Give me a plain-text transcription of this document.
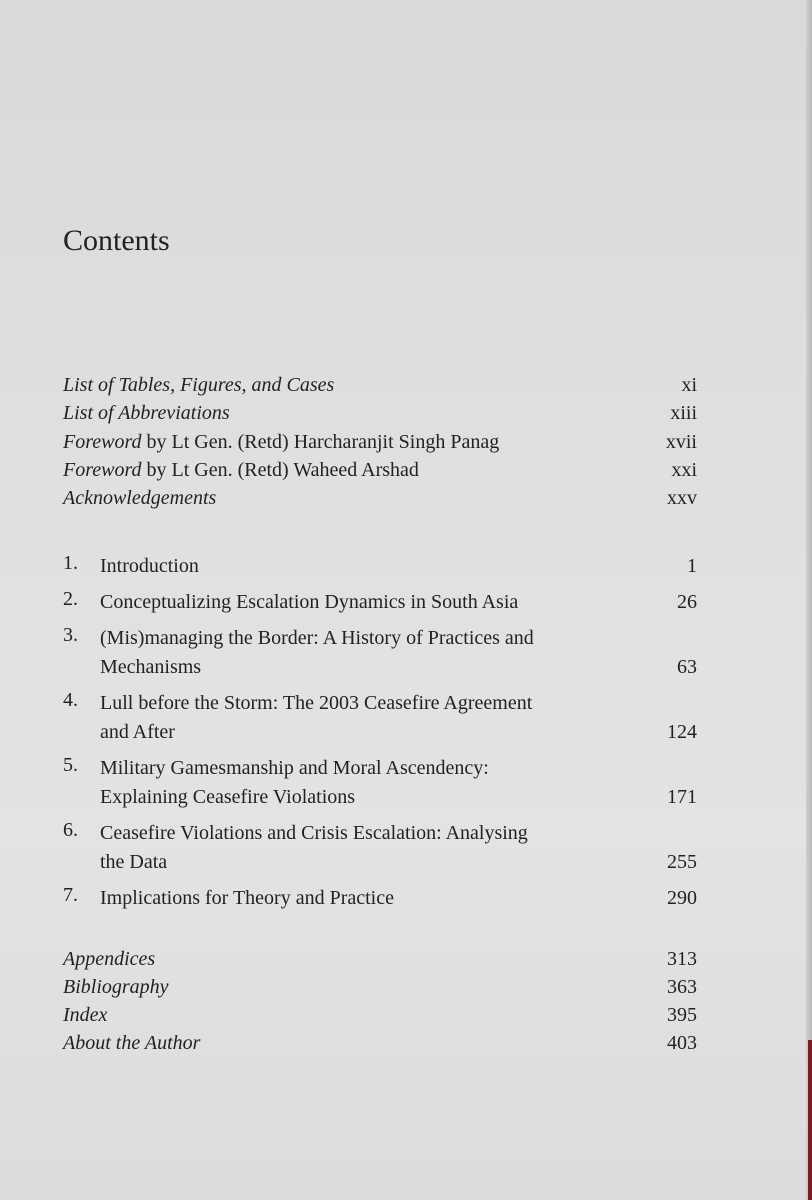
Contents
List of Tables, Figures, and Cases	xi
List of Abbreviations	xiii
Foreword by Lt Gen. (Retd) Harcharanjit Singh Panag	xvii
Foreword by Lt Gen. (Retd) Waheed Arshad	xxi
Acknowledgements	xxv
1.	Introduction	1
2.	Conceptualizing Escalation Dynamics in South Asia	26
3.	(Mis)managing the Border: A History of Practices and
Mechanisms	63
4.	Lull before the Storm: The 2003 Ceasefire Agreement
and After	124
5.	Military Gamesmanship and Moral Ascendency:
Explaining Ceasefire Violations	171
6.	Ceasefire Violations and Crisis Escalation: Analysing
the Data	255
7.	Implications for Theory and Practice	290
Appendices	313
Bibliography	363
Index	395
About the Author	403
